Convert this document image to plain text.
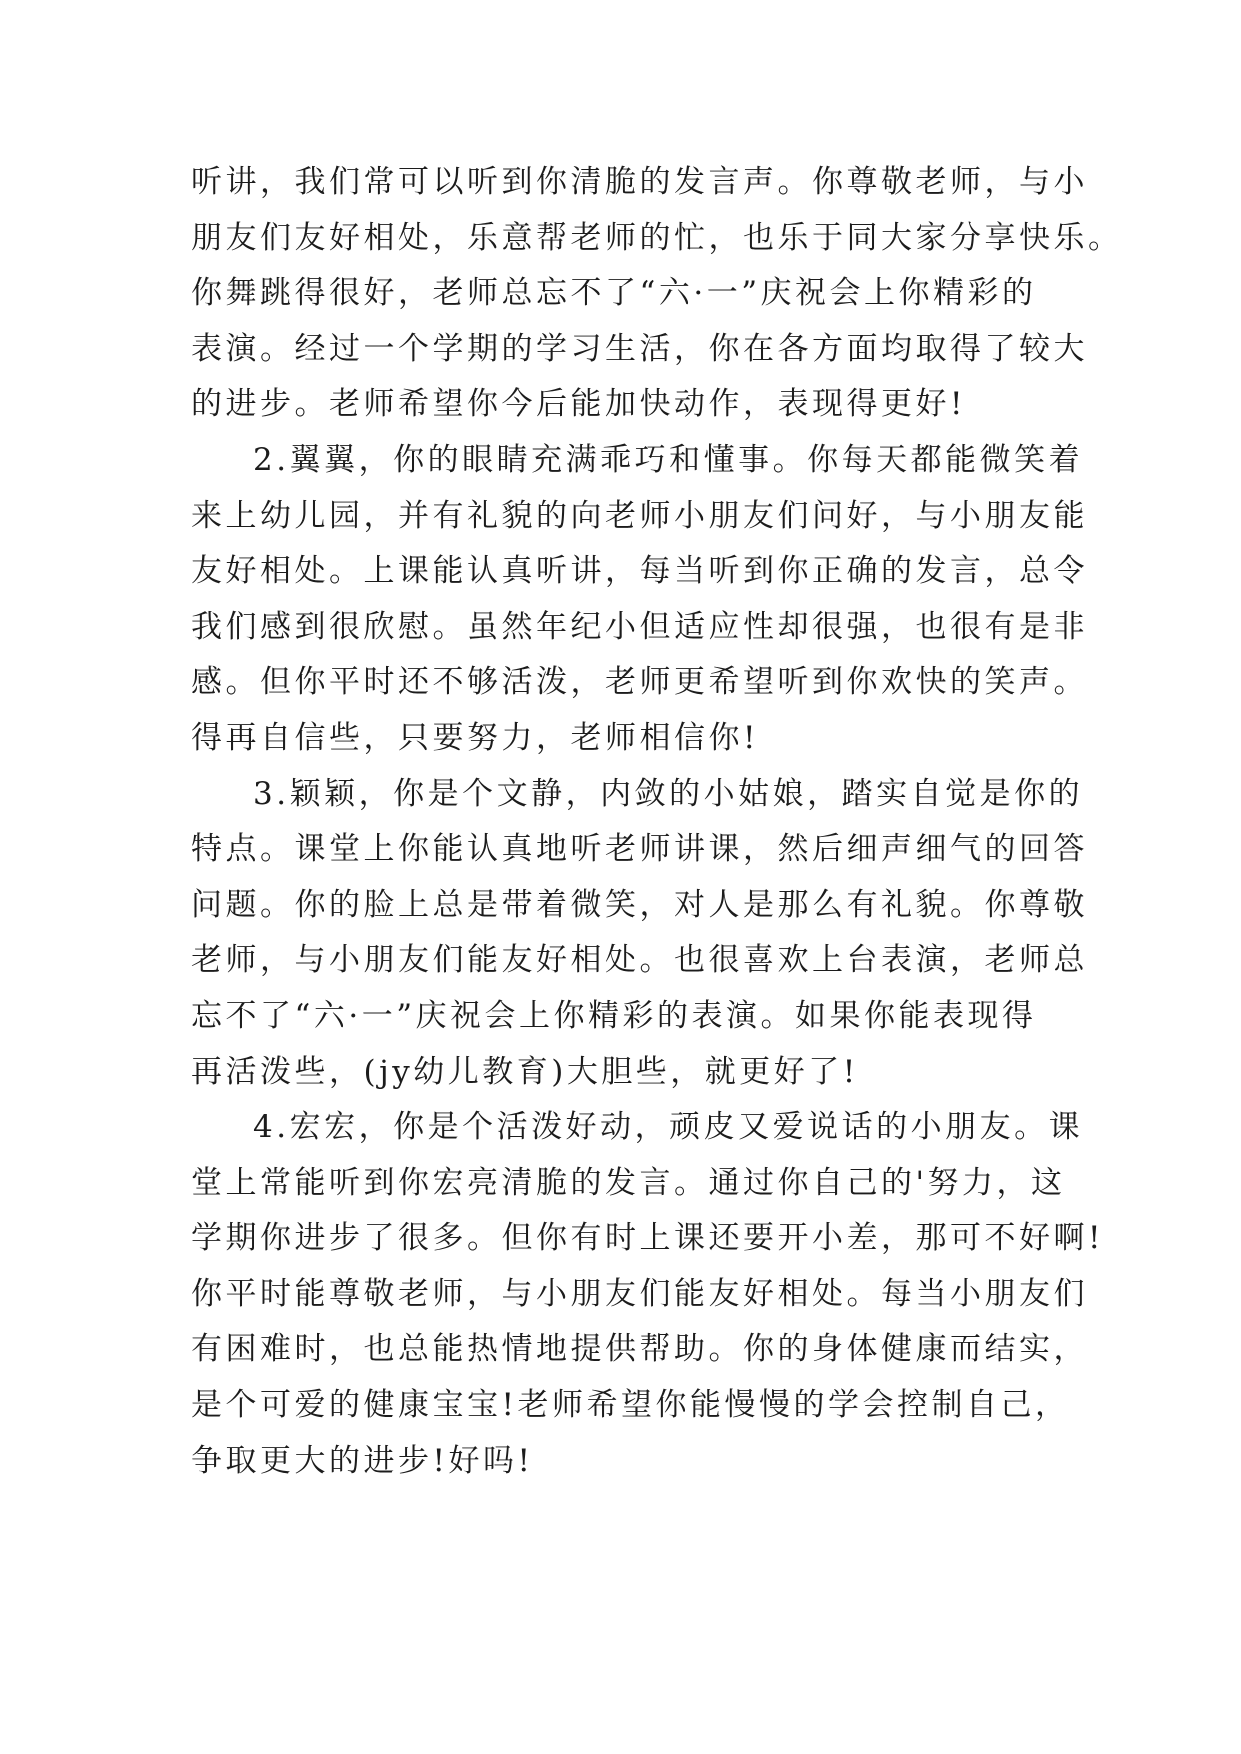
听讲，我们常可以听到你清脆的发言声。你尊敬老师，与小
朋友们友好相处，乐意帮老师的忙，也乐于同大家分享快乐。
你舞跳得很好，老师总忘不了“六·一”庆祝会上你精彩的
表演。经过一个学期的学习生活，你在各方面均取得了较大
的进步。老师希望你今后能加快动作，表现得更好!
2.翼翼，你的眼睛充满乖巧和懂事。你每天都能微笑着
来上幼儿园，并有礼貌的向老师小朋友们问好，与小朋友能
友好相处。上课能认真听讲，每当听到你正确的发言，总令
我们感到很欣慰。虽然年纪小但适应性却很强，也很有是非
感。但你平时还不够活泼，老师更希望听到你欢快的笑声。
得再自信些，只要努力，老师相信你!
3.颖颖，你是个文静，内敛的小姑娘，踏实自觉是你的
特点。课堂上你能认真地听老师讲课，然后细声细气的回答
问题。你的脸上总是带着微笑，对人是那么有礼貌。你尊敬
老师，与小朋友们能友好相处。也很喜欢上台表演，老师总
忘不了“六·一”庆祝会上你精彩的表演。如果你能表现得
再活泼些，(jy幼儿教育)大胆些，就更好了!
4.宏宏，你是个活泼好动，顽皮又爱说话的小朋友。课
堂上常能听到你宏亮清脆的发言。通过你自己的'努力，这
学期你进步了很多。但你有时上课还要开小差，那可不好啊!
你平时能尊敬老师，与小朋友们能友好相处。每当小朋友们
有困难时，也总能热情地提供帮助。你的身体健康而结实，
是个可爱的健康宝宝!老师希望你能慢慢的学会控制自己，
争取更大的进步!好吗!
